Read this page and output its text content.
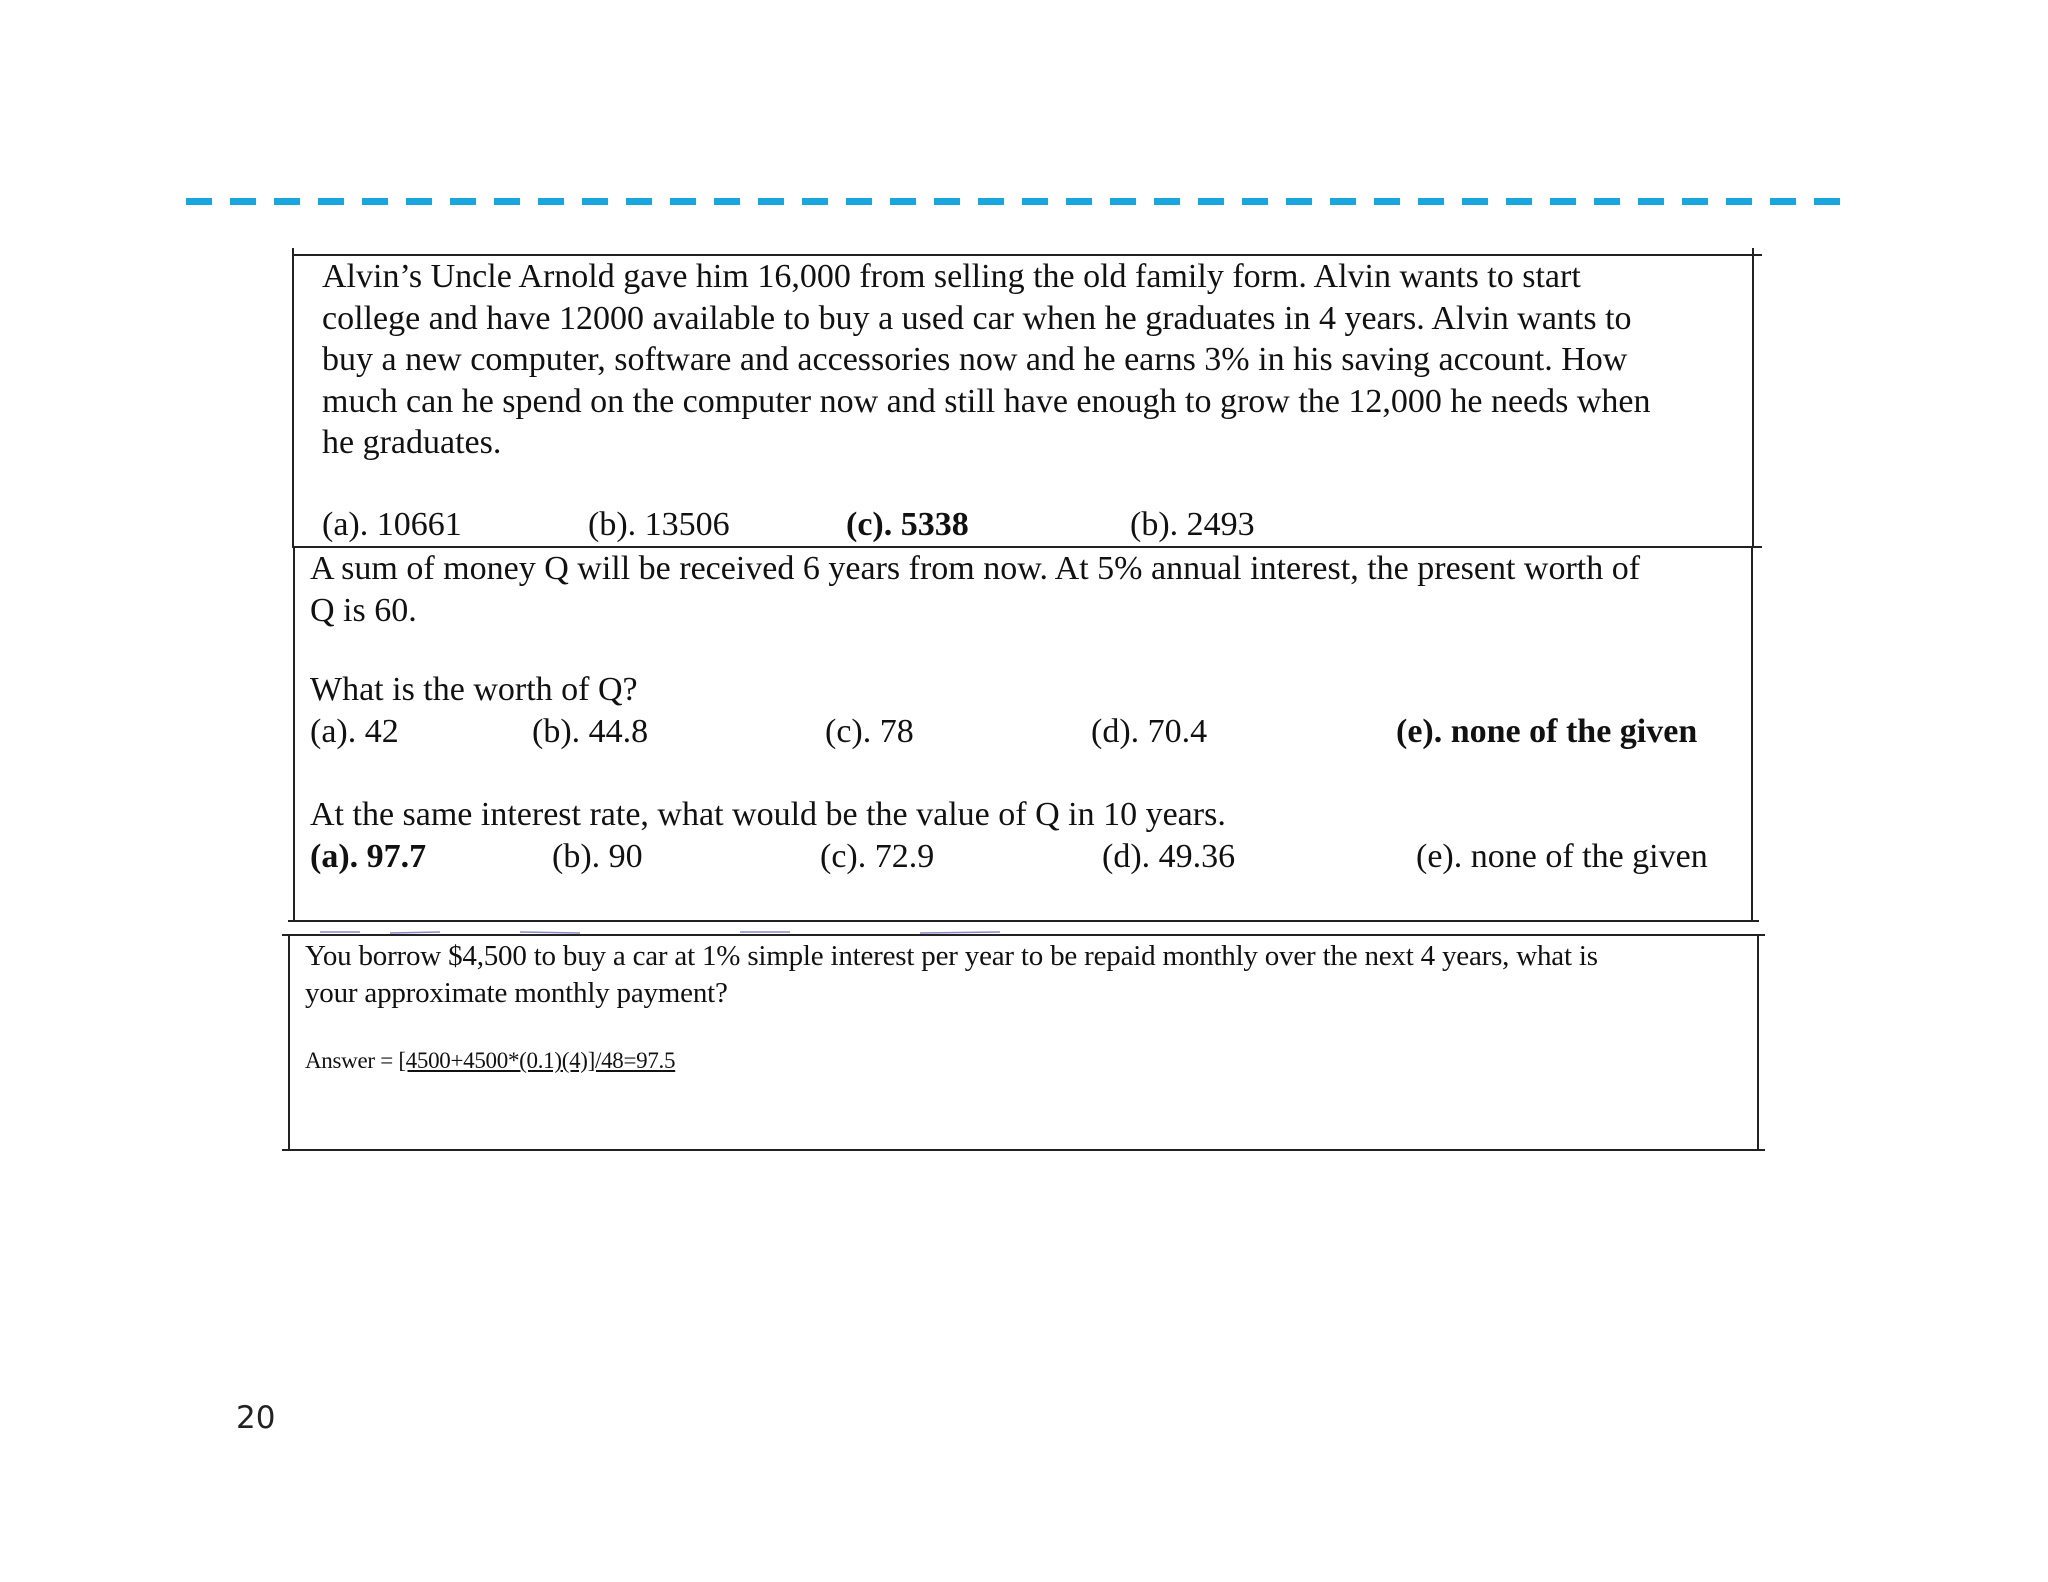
Alvin’s Uncle Arnold gave him 16,000 from selling the old family form. Alvin wants to start
college and have 12000 available to buy a used car when he graduates in 4 years. Alvin wants to
buy a new computer, software and accessories now and he earns 3% in his saving account. How
much can he spend on the computer now and still have enough to grow the 12,000 he needs when
he graduates.
(a). 10661	(b). 13506	(c). 5338	(b). 2493
A sum of money Q will be received 6 years from now. At 5% annual interest, the present worth of
Q is 60.
What is the worth of Q?
(a). 42	(b). 44.8	(c). 78	(d). 70.4	(e). none of the given
At the same interest rate, what would be the value of Q in 10 years.
(a). 97.7	(b). 90	(c). 72.9	(d). 49.36	(e). none of the given
You borrow $4,500 to buy a car at 1% simple interest per year to be repaid monthly over the next 4 years, what is
your approximate monthly payment?
Answer = [4500+4500*(0.1)(4)]/48=97.5
20
